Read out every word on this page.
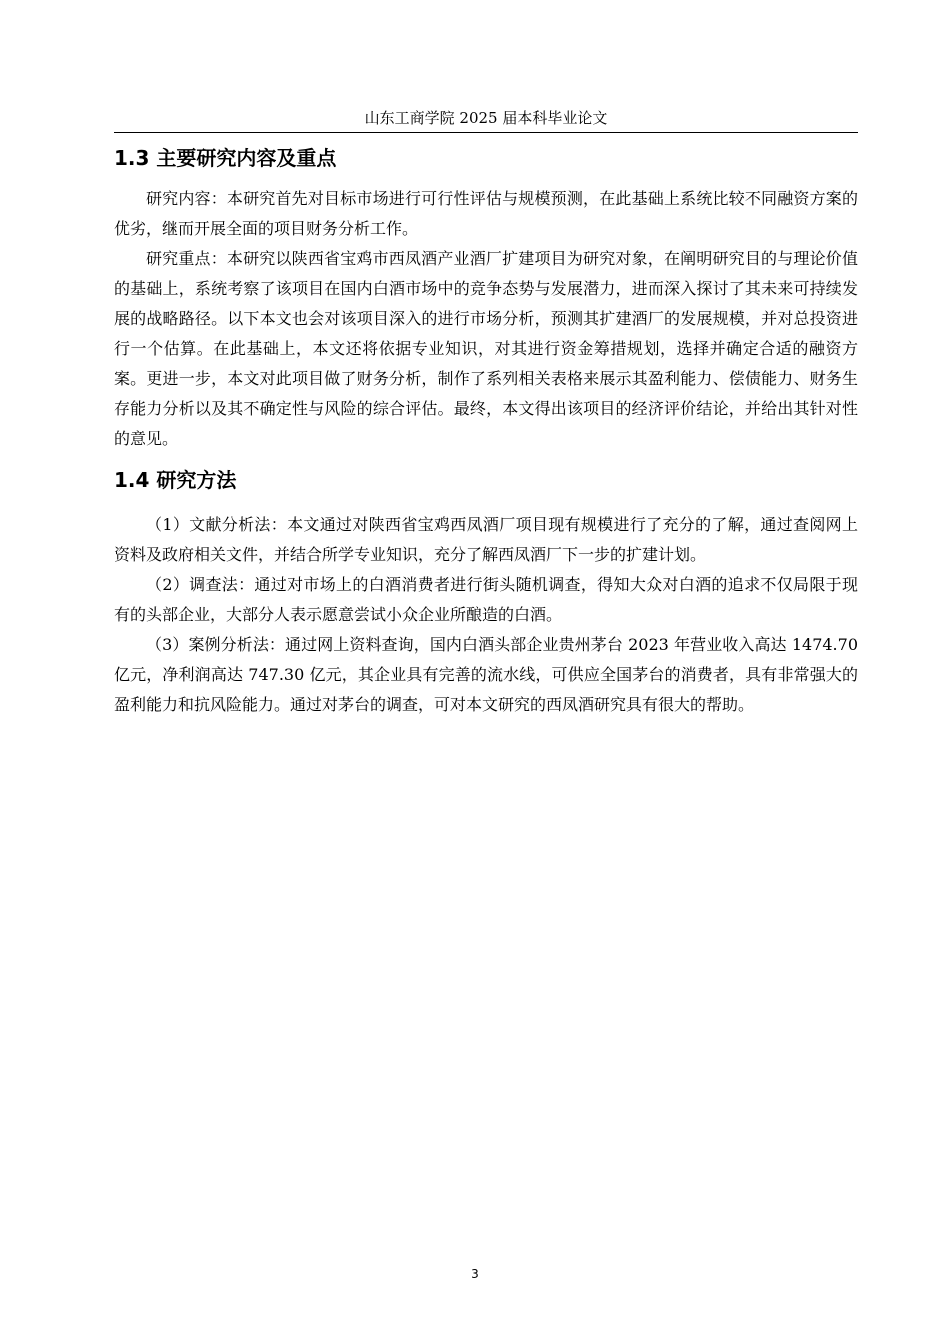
山东工商学院 2025 届本科毕业论文
1.3 主要研究内容及重点

研究内容：本研究首先对目标市场进行可行性评估与规模预测，在此基础上系统比较不同融资方案的优劣，继而开展全面的项目财务分析工作。

研究重点：本研究以陕西省宝鸡市西凤酒产业酒厂扩建项目为研究对象，在阐明研究目的与理论价值的基础上，系统考察了该项目在国内白酒市场中的竞争态势与发展潜力，进而深入探讨了其未来可持续发展的战略路径。以下本文也会对该项目深入的进行市场分析，预测其扩建酒厂的发展规模，并对总投资进行一个估算。在此基础上，本文还将依据专业知识，对其进行资金筹措规划，选择并确定合适的融资方案。更进一步，本文对此项目做了财务分析，制作了系列相关表格来展示其盈利能力、偿债能力、财务生存能力分析以及其不确定性与风险的综合评估。最终，本文得出该项目的经济评价结论，并给出其针对性的意见。

1.4 研究方法

（1）文献分析法：本文通过对陕西省宝鸡西凤酒厂项目现有规模进行了充分的了解，通过查阅网上资料及政府相关文件，并结合所学专业知识，充分了解西凤酒厂下一步的扩建计划。

（2）调查法：通过对市场上的白酒消费者进行街头随机调查，得知大众对白酒的追求不仅局限于现有的头部企业，大部分人表示愿意尝试小众企业所酿造的白酒。

（3）案例分析法：通过网上资料查询，国内白酒头部企业贵州茅台 2023 年营业收入高达 1474.70 亿元，净利润高达 747.30 亿元，其企业具有完善的流水线，可供应全国茅台的消费者，具有非常强大的盈利能力和抗风险能力。通过对茅台的调查，可对本文研究的西凤酒研究具有很大的帮助。

3
